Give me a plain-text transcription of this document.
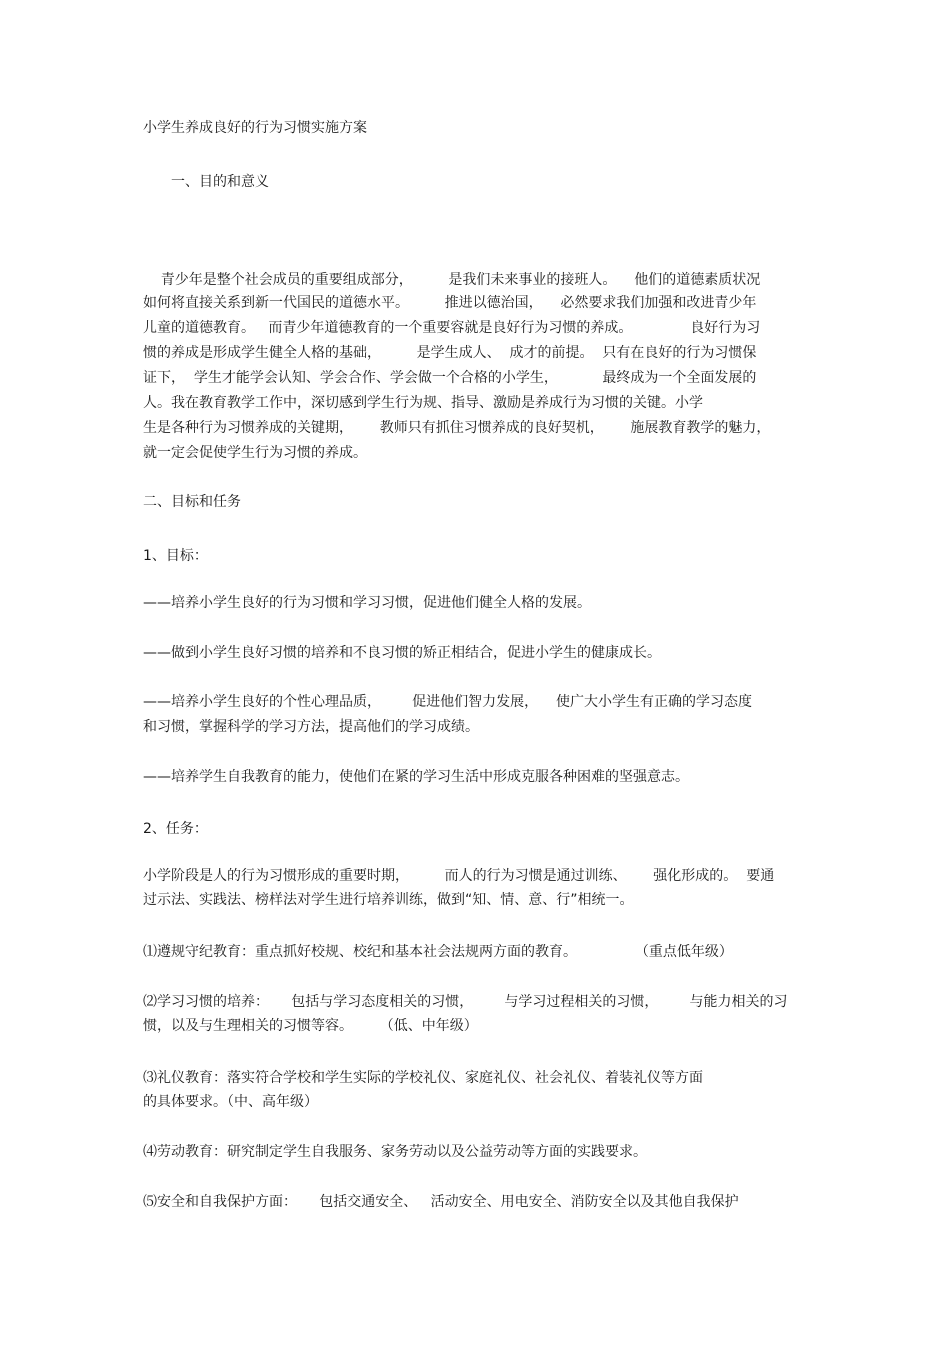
小学生养成良好的行为习惯实施方案
一、目的和意义
青少年是整个社会成员的重要组成部分，        是我们未来事业的接班人。    他们的道德素质状况
如何将直接关系到新一代国民的道德水平。        推进以德治国，    必然要求我们加强和改进青少年
儿童的道德教育。   而青少年道德教育的一个重要容就是良好行为习惯的养成。             良好行为习
惯的养成是形成学生健全人格的基础，        是学生成人、  成才的前提。  只有在良好的行为习惯保
证下，  学生才能学会认知、学会合作、学会做一个合格的小学生，          最终成为一个全面发展的
人。我在教育教学工作中，深切感到学生行为规、指导、激励是养成行为习惯的关键。小学
生是各种行为习惯养成的关键期，      教师只有抓住习惯养成的良好契机，      施展教育教学的魅力，
就一定会促使学生行为习惯的养成。
二、目标和任务
1、目标：
——培养小学生良好的行为习惯和学习习惯，促进他们健全人格的发展。
——做到小学生良好习惯的培养和不良习惯的矫正相结合，促进小学生的健康成长。
——培养小学生良好的个性心理品质，       促进他们智力发展，    使广大小学生有正确的学习态度
和习惯，掌握科学的学习方法，提高他们的学习成绩。
——培养学生自我教育的能力，使他们在紧的学习生活中形成克服各种困难的坚强意志。
2、任务：
小学阶段是人的行为习惯形成的重要时期，        而人的行为习惯是通过训练、      强化形成的。  要通
过示法、实践法、榜样法对学生进行培养训练，做到“知、情、意、行”相统一。
⑴遵规守纪教育：重点抓好校规、校纪和基本社会法规两方面的教育。             （重点低年级）
⑵学习习惯的培养：     包括与学习态度相关的习惯，       与学习过程相关的习惯，       与能力相关的习
惯，以及与生理相关的习惯等容。      （低、中年级）
⑶礼仪教育：落实符合学校和学生实际的学校礼仪、家庭礼仪、社会礼仪、着装礼仪等方面
的具体要求。（中、高年级）
⑷劳动教育：研究制定学生自我服务、家务劳动以及公益劳动等方面的实践要求。
⑸安全和自我保护方面：     包括交通安全、   活动安全、用电安全、消防安全以及其他自我保护
